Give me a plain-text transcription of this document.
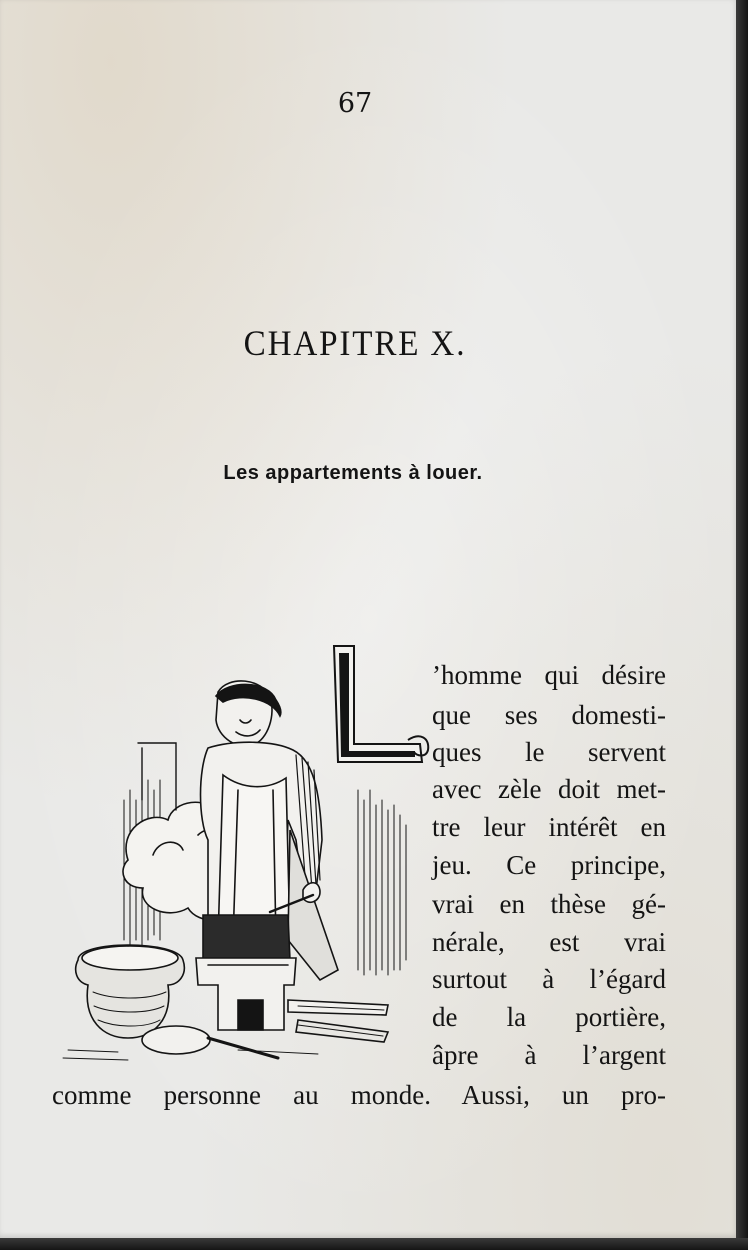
67
CHAPITRE X.
Les appartements à louer.
L
’homme qui désire
que ses domesti-
ques le servent
avec zèle doit met-
tre leur intérêt en
jeu. Ce principe,
vrai en thèse gé-
nérale, est vrai
surtout à l’égard
de la portière,
âpre à l’argent
comme personne au monde. Aussi, un pro-
